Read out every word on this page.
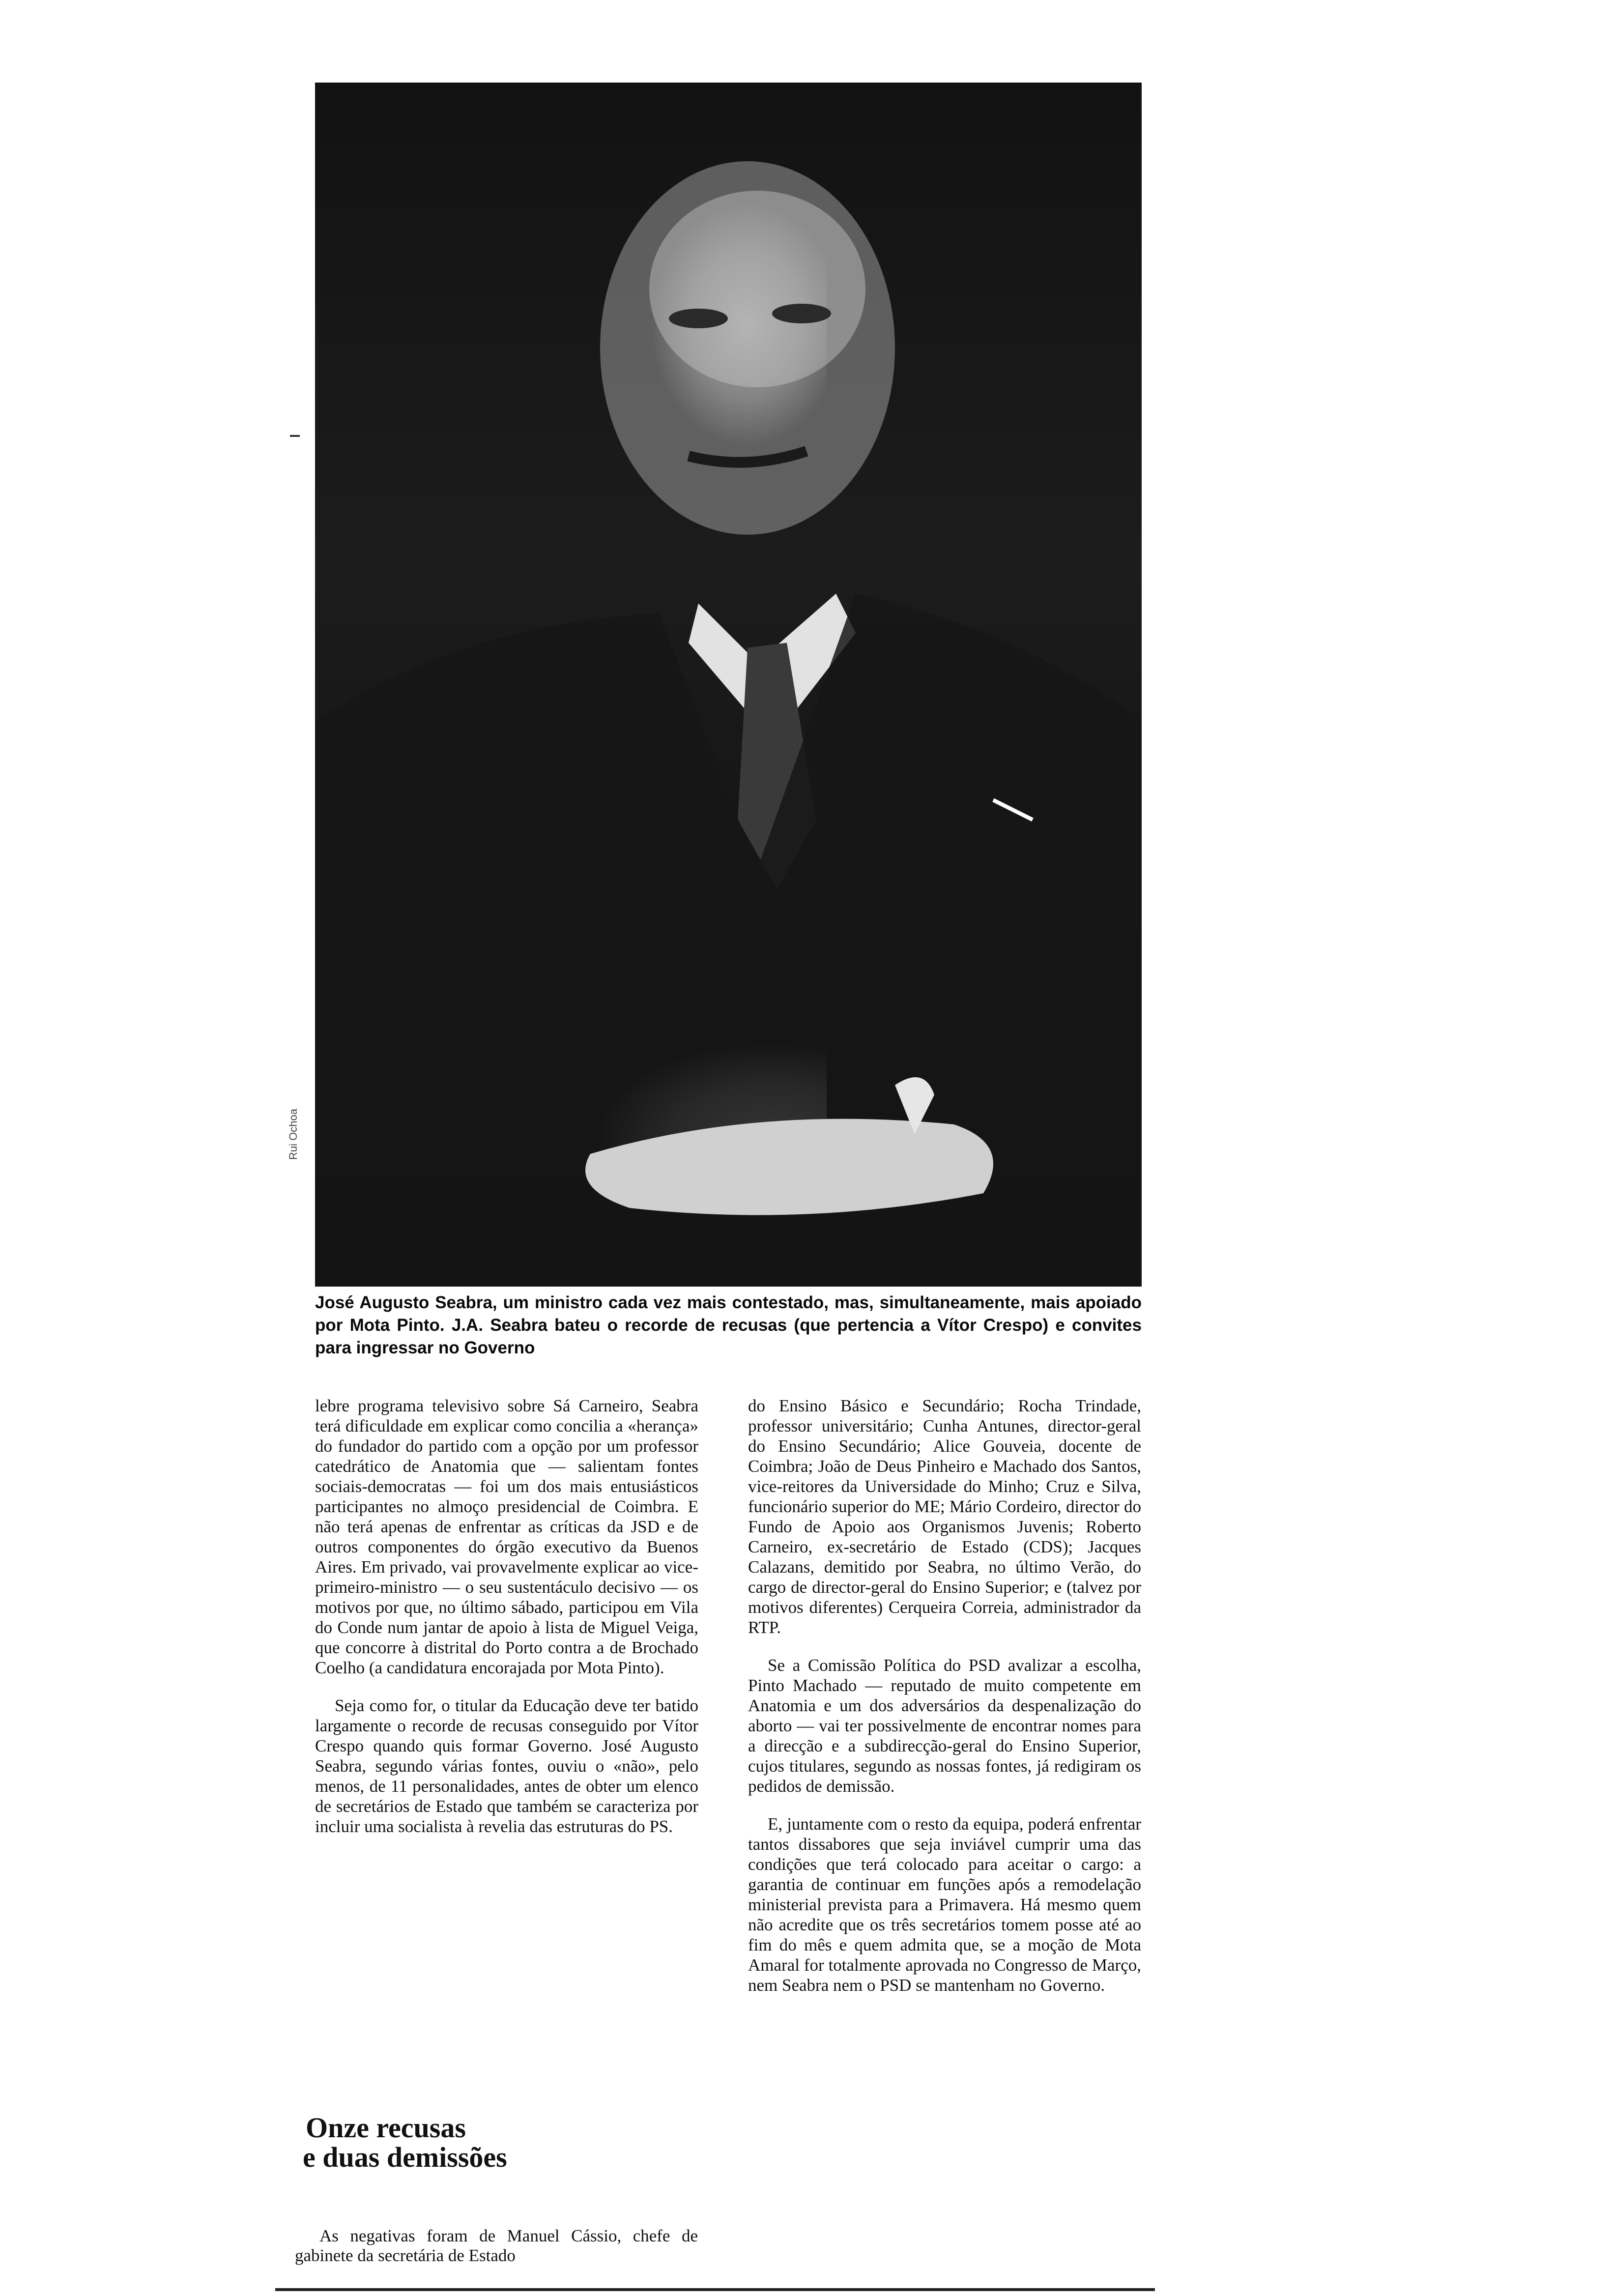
Rui Ochoa
José Augusto Seabra, um ministro cada vez mais contestado, mas, simultaneamente, mais apoiado por Mota Pinto. J.A. Seabra bateu o recorde de recusas (que pertencia a Vítor Crespo) e convites para ingressar no Governo

lebre programa televisivo sobre Sá Carneiro, Seabra terá dificuldade em explicar como concilia a «herança» do fundador do partido com a opção por um professor catedrático de Anatomia que — salientam fontes sociais-democratas — foi um dos mais entusiásticos participantes no almoço presidencial de Coimbra. E não terá apenas de enfrentar as críticas da JSD e de outros componentes do órgão executivo da Buenos Aires. Em privado, vai provavelmente explicar ao vice-primeiro-ministro — o seu sustentáculo decisivo — os motivos por que, no último sábado, participou em Vila do Conde num jantar de apoio à lista de Miguel Veiga, que concorre à distrital do Porto contra a de Brochado Coelho (a candidatura encorajada por Mota Pinto).

Seja como for, o titular da Educação deve ter batido largamente o recorde de recusas conseguido por Vítor Crespo quando quis formar Governo. José Augusto Seabra, segundo várias fontes, ouviu o «não», pelo menos, de 11 personalidades, antes de obter um elenco de secretários de Estado que também se caracteriza por incluir uma socialista à revelia das estruturas do PS.

Onze recusas
e duas demissões

As negativas foram de Manuel Cássio, chefe de gabinete da secretária de Estado

do Ensino Básico e Secundário; Rocha Trindade, professor universitário; Cunha Antunes, director-geral do Ensino Secundário; Alice Gouveia, docente de Coimbra; João de Deus Pinheiro e Machado dos Santos, vice-reitores da Universidade do Minho; Cruz e Silva, funcionário superior do ME; Mário Cordeiro, director do Fundo de Apoio aos Organismos Juvenis; Roberto Carneiro, ex-secretário de Estado (CDS); Jacques Calazans, demitido por Seabra, no último Verão, do cargo de director-geral do Ensino Superior; e (talvez por motivos diferentes) Cerqueira Correia, administrador da RTP.

Se a Comissão Política do PSD avalizar a escolha, Pinto Machado — reputado de muito competente em Anatomia e um dos adversários da despenalização do aborto — vai ter possivelmente de encontrar nomes para a direcção e a subdirecção-geral do Ensino Superior, cujos titulares, segundo as nossas fontes, já redigiram os pedidos de demissão.

E, juntamente com o resto da equipa, poderá enfrentar tantos dissabores que seja inviável cumprir uma das condições que terá colocado para aceitar o cargo: a garantia de continuar em funções após a remodelação ministerial prevista para a Primavera. Há mesmo quem não acredite que os três secretários tomem posse até ao fim do mês e quem admita que, se a moção de Mota Amaral for totalmente aprovada no Congresso de Março, nem Seabra nem o PSD se mantenham no Governo.
